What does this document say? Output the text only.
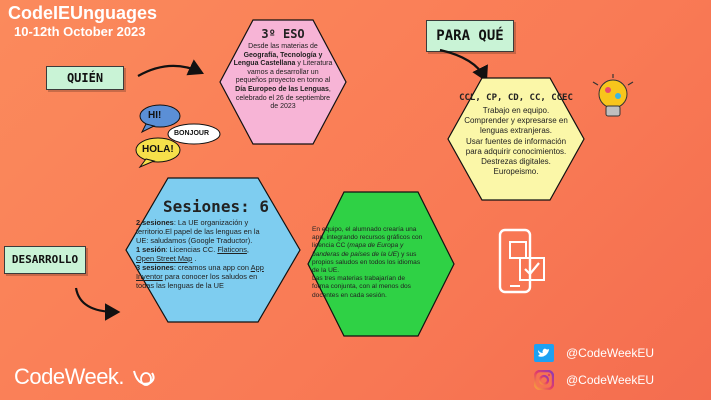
CodeIEUnguages
10-12th October 2023
QUIÉN
PARA QUÉ
DESARROLLO
HI!
BONJOUR
HOLA!
3º ESO
Desde las materias de
Geografía, Tecnología y
Lengua Castellana y Literatura
vamos a desarrollar un
pequeños proyecto en torno al
Día Europeo de las Lenguas,
celebrado el 26 de septiembre
de 2023
CCL, CP, CD, CC, CCEC
Trabajo en equipo.
Comprender y expresarse en
lenguas extranjeras.
Usar fuentes de información
para adquirir conocimientos.
Destrezas digitales.
Europeismo.
Sesiones: 6
2 sesiones: La UE organización y
territorio.El papel de las lenguas en la
UE: saludamos (Google Traductor).
1 sesión: Licencias CC. Flaticons,
Open Street Map .
3 sesiones: creamos una app con App
Inventor para conocer los saludos en
todas las lenguas de la UE
En equipo, el alumnado crearía una
app, integrando recursos gráficos con
licencia CC (mapa de Europa y
banderas de países de la UE) y sus
propios saludos en todos los idiomas
de la UE.
Las tres materias trabajarían de
forma conjunta, con al menos dos
docentes en cada sesión.
@CodeWeekEU
@CodeWeekEU
CodeWeek.
